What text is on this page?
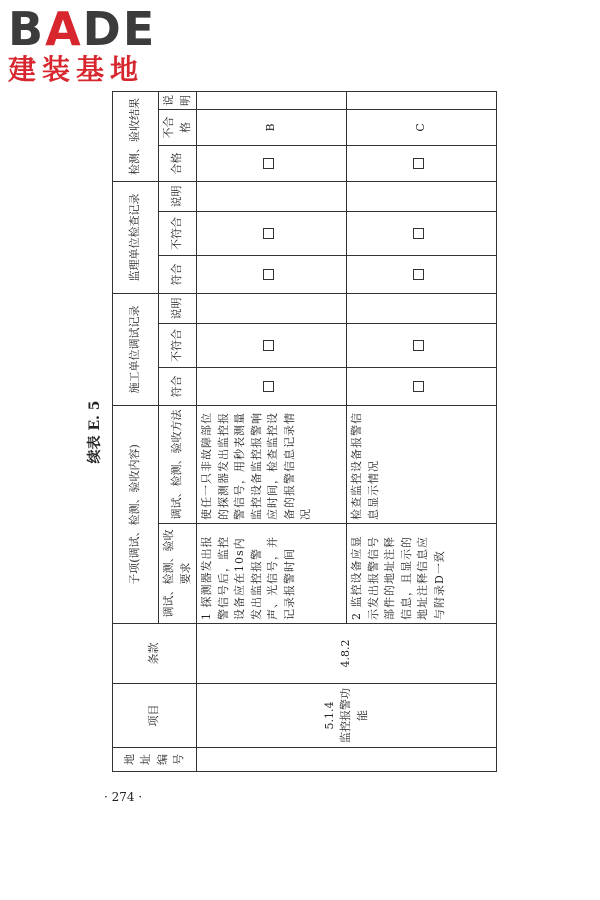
BADE
建装基地
续表 E. 5
地址编号	项目	条款	子项(调试、检测、验收内容)		施工单位调试记录			监理单位检查记录			检测、验收结果		
			调试、检测、验收要求	调试、检测、验收方法	符合	不符合	说明	符合	不符合	说明	合格	不合格	说明

	5.1.4 监控报警功能	4.8.2	1 探测器发出报警信号后，监控设备应在10s内发出监控报警声、光信号，并记录报警时间	使任一只非故障部位的探测器发出监控报警信号，用秒表测量监控设备监控报警响应时间，检查监控设备的报警信息记录情况								B	
			2 监控设备应显示发出报警信号部件的地址注释信息，且显示的地址注释信息应与附录D一致	检查监控设备报警信息显示情况								C	
· 274 ·
